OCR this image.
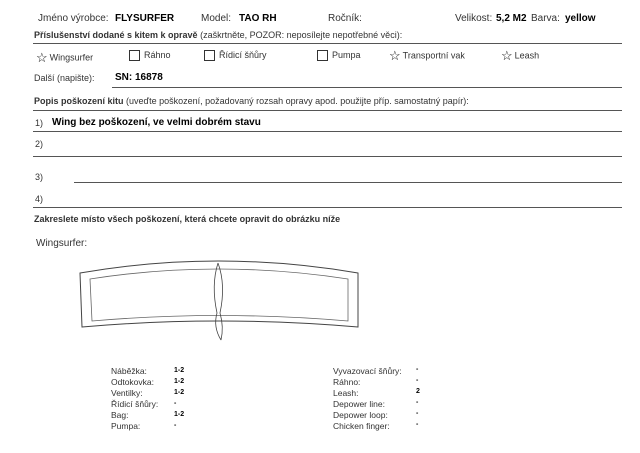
Jméno výrobce: FLYSURFER	Model: TAO RH	Ročník:	Velikost: 5,2 M2 Barva: yellow
Příslušenství dodané s kitem k opravě (zaškrtněte, POZOR: neposílejte nepotřebné věci):
☆ Wingsurfer	Ráhno	Řídicí šňůry	Pumpa ☆ Transportní vak	☆ Leash
Další (napište): SN: 16878
Popis poškození kitu (uveďte poškození, požadovaný rozsah opravy apod. použijte příp. samostatný papír):
1) Wing bez poškození, ve velmi dobrém stavu
2)
3)
4)
Zakreslete místo všech poškození, která chcete opravit do obrázku níže
Wingsurfer:
Náběžka:	1-2
Odtokovka:	1-2
Ventilky:	1-2
Řídicí šňůry: -
Bag:	1-2
Pumpa:	-
Vyvazovací šňůry: -
Ráhno:	-
Leash:	2
Depower line:	-
Depower loop:	-
Chicken finger:	-
